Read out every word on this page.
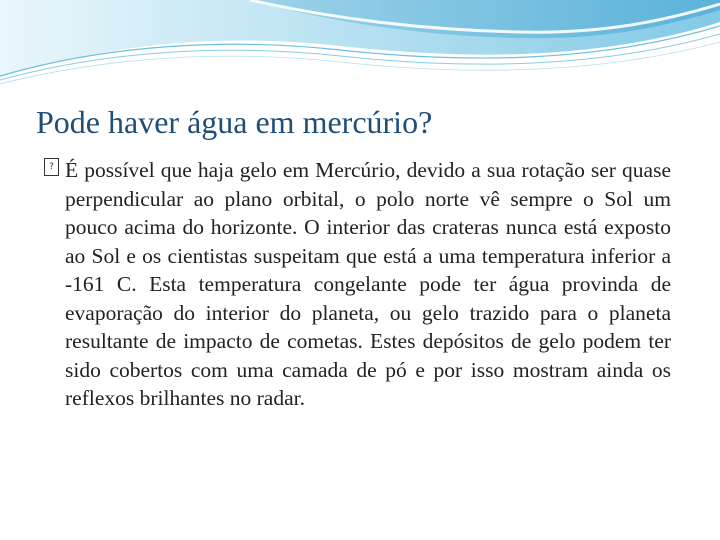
Pode haver água em mercúrio?
? É possível que haja gelo em Mercúrio, devido a sua rotação ser quase perpendicular ao plano orbital, o polo norte vê sempre o Sol um pouco acima do horizonte. O interior das crateras nunca está exposto ao Sol e os cientistas suspeitam que está a uma temperatura inferior a -161 C. Esta temperatura congelante pode ter água provinda de evaporação do interior do planeta, ou gelo trazido para o planeta resultante de impacto de cometas. Estes depósitos de gelo podem ter sido cobertos com uma camada de pó e por isso mostram ainda os reflexos brilhantes no radar.
